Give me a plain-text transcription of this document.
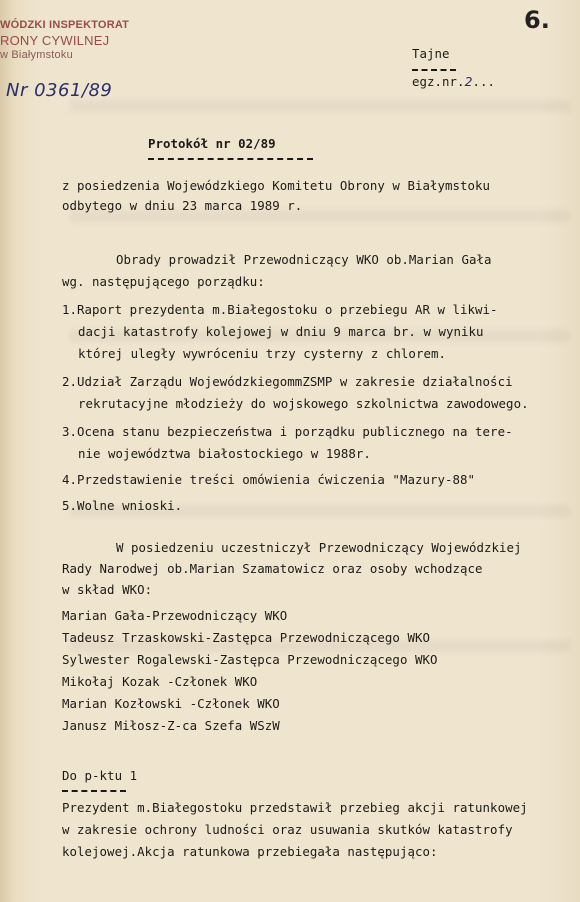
WÓDZKI INSPEKTORAT
RONY CYWILNEJ
w Białymstoku
Nr 0361/89
6.
Tajne
egz.nr.2...
Protokół nr 02/89
z posiedzenia Wojewódzkiego Komitetu Obrony w Białymstoku
odbytego w dniu 23 marca 1989 r.
Obrady prowadził Przewodniczący WKO ob.Marian Gała
wg. następującego porządku:
1.Raport prezydenta m.Białegostoku o przebiegu AR w likwi-
dacji katastrofy kolejowej w dniu 9 marca br. w wyniku
której uległy wywróceniu trzy cysterny z chlorem.
2.Udział Zarządu WojewódzkiegommZSMP w zakresie działalności
rekrutacyjne młodzieży do wojskowego szkolnictwa zawodowego.
3.Ocena stanu bezpieczeństwa i porządku publicznego na tere-
nie województwa białostockiego w 1988r.
4.Przedstawienie treści omówienia ćwiczenia "Mazury-88"
5.Wolne wnioski.
W posiedzeniu uczestniczył Przewodniczący Wojewódzkiej
Rady Narodwej ob.Marian Szamatowicz oraz osoby wchodzące
w skład WKO:
Marian Gała-Przewodniczący WKO
Tadeusz Trzaskowski-Zastępca Przewodniczącego WKO
Sylwester Rogalewski-Zastępca Przewodniczącego WKO
Mikołaj Kozak -Członek WKO
Marian Kozłowski -Członek WKO
Janusz Miłosz-Z-ca Szefa WSzW
Do p-ktu 1
Prezydent m.Białegostoku przedstawił przebieg akcji ratunkowej
w zakresie ochrony ludności oraz usuwania skutków katastrofy
kolejowej.Akcja ratunkowa przebiegała następująco:
